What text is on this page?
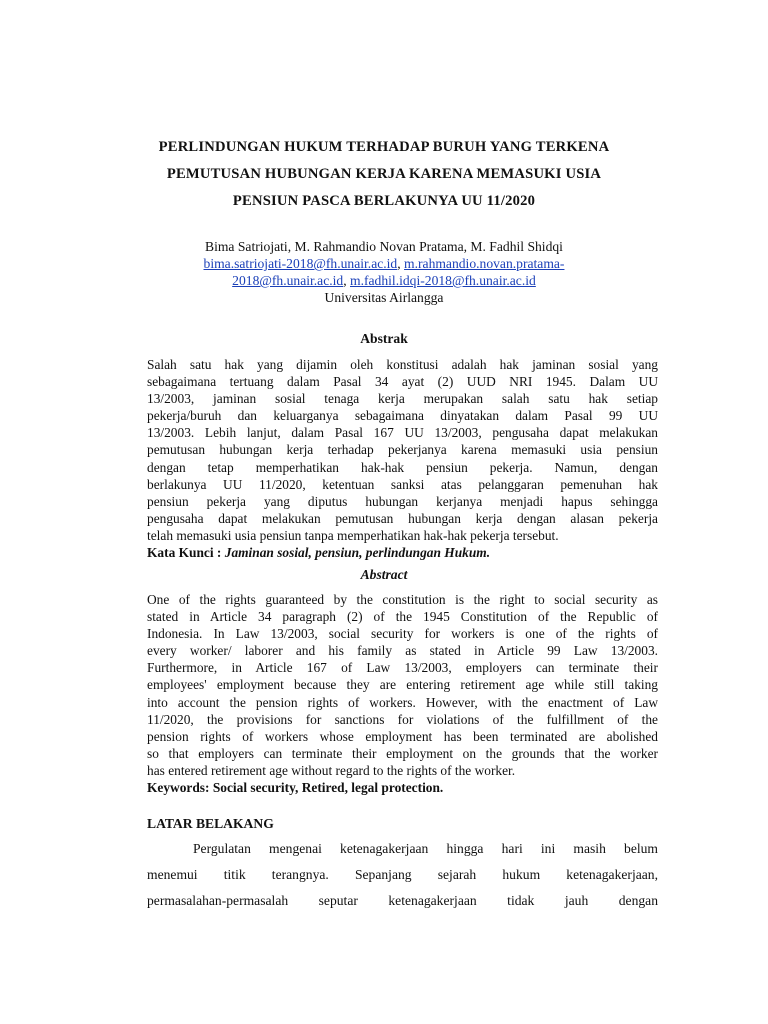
PERLINDUNGAN HUKUM TERHADAP BURUH YANG TERKENA
PEMUTUSAN HUBUNGAN KERJA KARENA MEMASUKI USIA
PENSIUN PASCA BERLAKUNYA UU 11/2020
Bima Satriojati, M. Rahmandio Novan Pratama, M. Fadhil Shidqi
bima.satriojati-2018@fh.unair.ac.id, m.rahmandio.novan.pratama-
2018@fh.unair.ac.id, m.fadhil.idqi-2018@fh.unair.ac.id
Universitas Airlangga
Abstrak
Salah satu hak yang dijamin oleh konstitusi adalah hak jaminan sosial yang
sebagaimana tertuang dalam Pasal 34 ayat (2) UUD NRI 1945. Dalam UU
13/2003, jaminan sosial tenaga kerja merupakan salah satu hak setiap
pekerja/buruh dan keluarganya sebagaimana dinyatakan dalam Pasal 99 UU
13/2003. Lebih lanjut, dalam Pasal 167 UU 13/2003, pengusaha dapat melakukan
pemutusan hubungan kerja terhadap pekerjanya karena memasuki usia pensiun
dengan tetap memperhatikan hak-hak pensiun pekerja. Namun, dengan
berlakunya UU 11/2020, ketentuan sanksi atas pelanggaran pemenuhan hak
pensiun pekerja yang diputus hubungan kerjanya menjadi hapus sehingga
pengusaha dapat melakukan pemutusan hubungan kerja dengan alasan pekerja
telah memasuki usia pensiun tanpa memperhatikan hak-hak pekerja tersebut.
Kata Kunci : Jaminan sosial, pensiun, perlindungan Hukum.
Abstract
One of the rights guaranteed by the constitution is the right to social security as
stated in Article 34 paragraph (2) of the 1945 Constitution of the Republic of
Indonesia. In Law 13/2003, social security for workers is one of the rights of
every worker/ laborer and his family as stated in Article 99 Law 13/2003.
Furthermore, in Article 167 of Law 13/2003, employers can terminate their
employees' employment because they are entering retirement age while still taking
into account the pension rights of workers. However, with the enactment of Law
11/2020, the provisions for sanctions for violations of the fulfillment of the
pension rights of workers whose employment has been terminated are abolished
so that employers can terminate their employment on the grounds that the worker
has entered retirement age without regard to the rights of the worker.
Keywords: Social security, Retired, legal protection.
LATAR BELAKANG
Pergulatan mengenai ketenagakerjaan hingga hari ini masih belum
menemui titik terangnya. Sepanjang sejarah hukum ketenagakerjaan,
permasalahan-permasalah seputar ketenagakerjaan tidak jauh dengan
